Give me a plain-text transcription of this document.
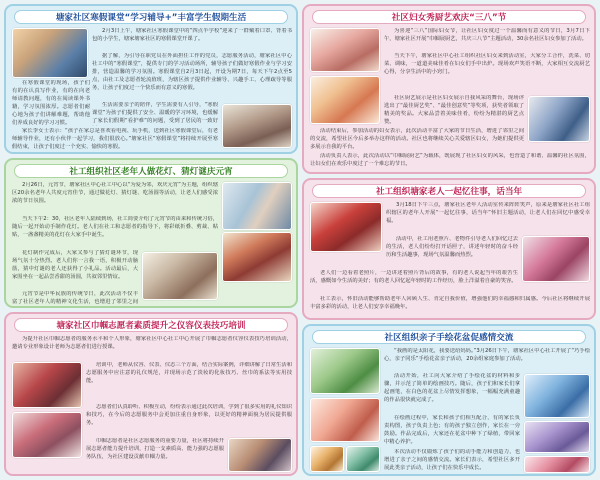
塘家社区寒假课堂“学习辅导+”丰富学生假期生活
2月3日上午，塘家社区寒假课堂中的“四点半学校”迎来了一群戴着口罩、背着书包的小学生，塘家塘家社区的寒假课堂开课了。
据了解，为引导在职党员在外面担任工作的党员，志愿服务活动，塘家社区中心社工中的“寒假课堂”，提供专门的学习活动场所，辅导孩子们做好寒假作业与学习安排，营造温馨的学习氛围。寒假课堂自2月3日起，开设为期7日，每天下午2点至5点，由社工及志愿者轮流值班，为辖区孩子提供作业辅导、兴趣手工、心理疏导等服务，让孩子们度过一个快乐而有意义的寒假。
在寒假课堂的现场，孩子们有的在认真写作业，有的在向老师请教问题，有的在阅读课外书籍，学习氛围浓厚。志愿者们耐心地为孩子们讲解难题，帮助他们养成良好的学习习惯。
生活需要亲子的陪伴，学生需要有人引导，“寒假课堂”为孩子们提供了安全、温暖的学习环境，也缓解了家长们假期“看护难”的问题，受到了居民的一致好
家长李女士表示：“孩子在家总是喜欢看电视、玩手机，送到社区寒假课堂后，有老师辅导作业，还有小伙伴一起学习，我们很放心。”塘家社区“寒假课堂”将持续开展至寒假结束，让孩子们度过一个充实、愉快的寒假。
社工组织社区老年人做花灯、猜灯谜庆元宵
2月26日，元宵节，塘家社区中心社工中心以“为爱为邻，欢庆元宵”为主题，组织辖区20余名老年人共度元宵佳节，通过做花灯、猜灯谜、吃汤圆等活动，让老人们感受浓浓的节日氛围。
当天下午2：30，社区老年人陆续到场，社工简要介绍了元宵节的由来和传统习俗，随后一起开始动手制作花灯。老人们在社工和志愿者的指导下，将彩纸折叠、剪裁、粘贴，一盏盏精美的花灯在大家手中诞生。
花灯制作完成后，大家又参与了猜灯谜环节，现场气氛十分热烈。老人们你一言我一语，积极开动脑筋，猜中灯谜的老人还获得了小礼品。活动最后，大家围坐在一起品尝香甜的汤圆，共叙邻里情谊。
元宵节是中华民族的传统节日，此次活动不仅丰富了社区老年人的精神文化生活，也增进了邻里之间
塘家社区巾帼志愿者素质提升之仪容仪表技巧培训
为提升社区巾帼志愿者的服务水平和个人形象，塘家社区中心社工中心开展了巾帼志愿者仪容仪表技巧培训活动，邀请专业形象设计老师为志愿者们进行授课。
培训中，老师从仪容、仪表、仪态三个方面，结合实际案例，详细讲解了日常生活和志愿服务中应注意的礼仪规范，并现场示范了淡妆的化妆技巧、丝巾的系法等实用技能。
志愿者们认真聆听、积极互动，纷纷表示通过此次培训，学到了很多实用的礼仪知识和技巧，在今后的志愿服务中会更加注重自身形象，以更好的精神面貌为居民提供服务。
巾帼志愿者是社区志愿服务的重要力量，社区将持续开展志愿者能力提升培训，打造一支素质高、能力强的志愿服务队伍，为社区建设贡献巾帼力量。
社区妇女秀厨艺欢庆“三八”节
为喜迎“三八”国际妇女节，让社区妇女度过一个温馨而有意义的节日，3月7日下午，塘家社区开展“巾帼展厨艺，共庆三八节”主题活动，30余名社区妇女参加了活动。
当天下午，塘家社区中心社工组织社区妇女来到活动室，大家分工合作，洗菜、切菜、调味，一道道美味佳肴在妇女们手中出炉。现场欢声笑语不断，大家相互交流厨艺心得，分享生活中的小窍门。
社区厨艺展示是社区妇女展示自我风采的舞台，现场评选出了“最佳厨艺奖”、“最佳创意奖”等奖项，获奖者领取了精美的奖品。大家品尝着美味佳肴，纷纷为精湛的厨艺点赞。
活动结束后，参加活动的妇女表示，此次活动丰富了大家的节日生活，增进了邻里之间的交流，希望社区今后多举办这样的活动。社区也将继续关心关爱辖区妇女，为她们提供更多展示自我的平台。
活动负责人表示，此次活动以“巾帼展厨艺”为载体，既展现了社区妇女的风采，也营造了和谐、温馨的社区氛围，让妇女们在欢乐中度过了一个难忘的节日。
社工组织塘家老人一起忆往事，话当年
3月18日下午三点，塘家社区老年人活动室传来阵阵笑声，原来是塘家社区社工组织辖区的老年人开展“一起忆往事，话当年”怀旧主题活动，让老人们在回忆中感受幸福。
活动中，社工用老照片、老物件引导老人们回忆过去的生活，老人们纷纷打开话匣子，讲述年轻时的奋斗经历和生活趣事，现场气氛温馨而热烈。
老人们一边看着老照片，一边讲述着照片背后的故事，有的老人说起当年的艰苦生活，感慨如今生活的美好；有的老人回忆起年轻时的工作经历，脸上洋溢着自豪的笑容。
社工表示，怀旧活动能够帮助老年人回顾人生、肯定自我价值，增强他们的幸福感和归属感。今后社区将继续开展丰富多彩的活动，让老人们安享幸福晚年。
社区组织亲子手绘花盆促感情交流
“我画的是太阳花，我要送给妈妈。”3月26日下午，塘家社区中心社工开展了“巧手绘心，亲子同乐”手绘花盆亲子活动，20余组家庭参加了活动。
活动开始，社工向大家介绍了手绘花盆的材料和步骤，并示范了简单的绘画技巧。随后，孩子们和家长们拿起画笔，在白色的花盆上尽情发挥想象，一幅幅充满童趣的作品很快就完成了。
在绘画过程中，家长和孩子们相互配合，有的家长负责构图，孩子负责上色；有的孩子独立创作，家长在一旁鼓励。作品完成后，大家还在花盆中种下了绿植，带回家中精心养护。
本次活动不仅锻炼了孩子们的动手能力和创造力，也增进了亲子之间的感情交流。家长们表示，希望社区多开展此类亲子活动，让孩子们在快乐中成长。
